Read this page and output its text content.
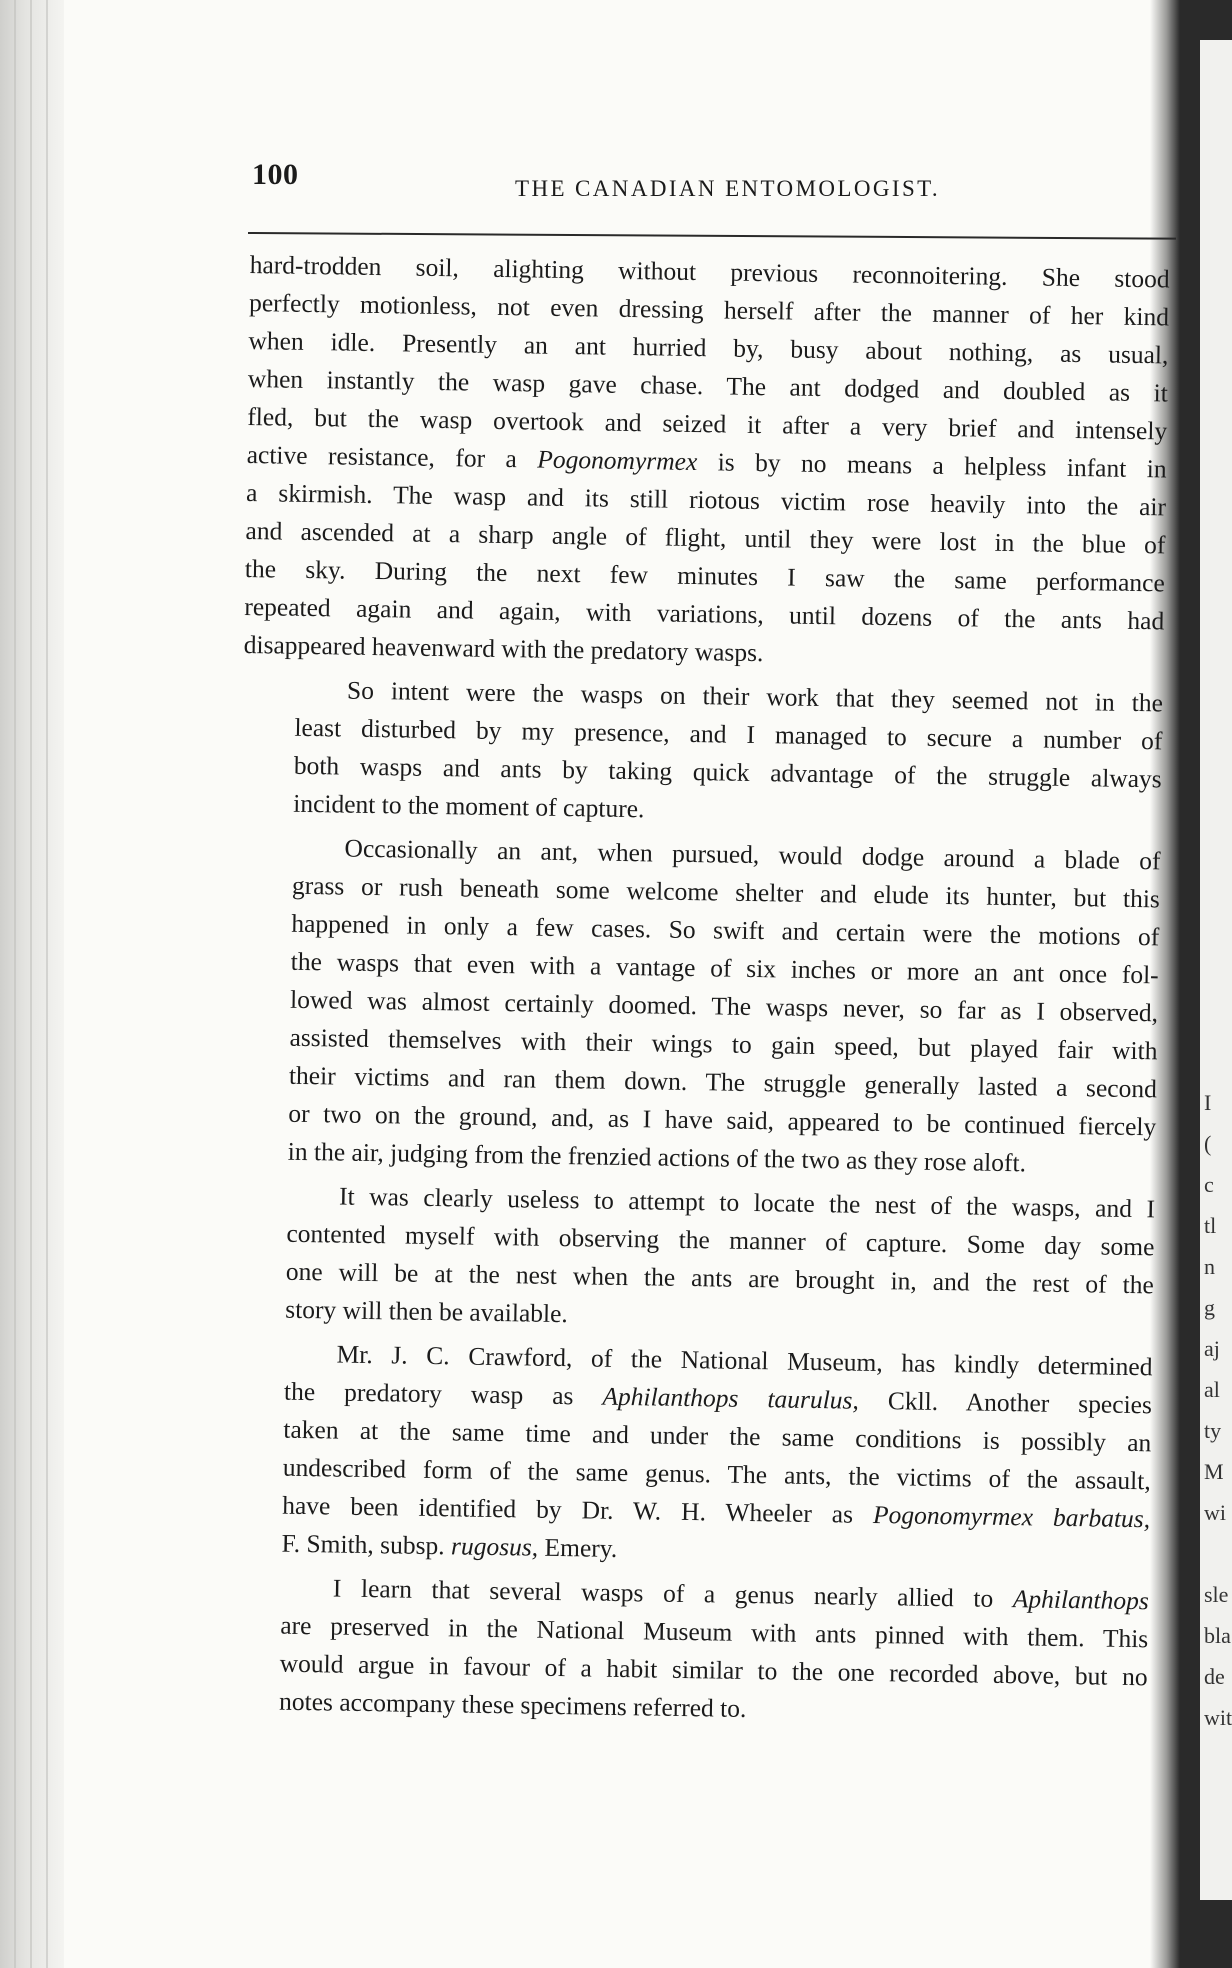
I
(
c
tl
n
g
aj
al
ty
M
wi
sle
bla
de
wit
100	THE CANADIAN ENTOMOLOGIST.

hard-trodden soil, alighting without previous reconnoitering. She stood
perfectly motionless, not even dressing herself after the manner of her kind
when idle. Presently an ant hurried by, busy about nothing, as usual,
when instantly the wasp gave chase. The ant dodged and doubled as it
fled, but the wasp overtook and seized it after a very brief and intensely
active resistance, for a Pogonomyrmex is by no means a helpless infant in
a skirmish. The wasp and its still riotous victim rose heavily into the air
and ascended at a sharp angle of flight, until they were lost in the blue of
the sky. During the next few minutes I saw the same performance
repeated again and again, with variations, until dozens of the ants had
disappeared heavenward with the predatory wasps.

So intent were the wasps on their work that they seemed not in the
least disturbed by my presence, and I managed to secure a number of
both wasps and ants by taking quick advantage of the struggle always
incident to the moment of capture.

Occasionally an ant, when pursued, would dodge around a blade of
grass or rush beneath some welcome shelter and elude its hunter, but this
happened in only a few cases. So swift and certain were the motions of
the wasps that even with a vantage of six inches or more an ant once fol-
lowed was almost certainly doomed. The wasps never, so far as I observed,
assisted themselves with their wings to gain speed, but played fair with
their victims and ran them down. The struggle generally lasted a second
or two on the ground, and, as I have said, appeared to be continued fiercely
in the air, judging from the frenzied actions of the two as they rose aloft.

It was clearly useless to attempt to locate the nest of the wasps, and I
contented myself with observing the manner of capture. Some day some
one will be at the nest when the ants are brought in, and the rest of the
story will then be available.

Mr. J. C. Crawford, of the National Museum, has kindly determined
the predatory wasp as Aphilanthops taurulus, Ckll. Another species
taken at the same time and under the same conditions is possibly an
undescribed form of the same genus. The ants, the victims of the assault,
have been identified by Dr. W. H. Wheeler as Pogonomyrmex barbatus,
F. Smith, subsp. rugosus, Emery.

I learn that several wasps of a genus nearly allied to Aphilanthops
are preserved in the National Museum with ants pinned with them. This
would argue in favour of a habit similar to the one recorded above, but no
notes accompany these specimens referred to.
